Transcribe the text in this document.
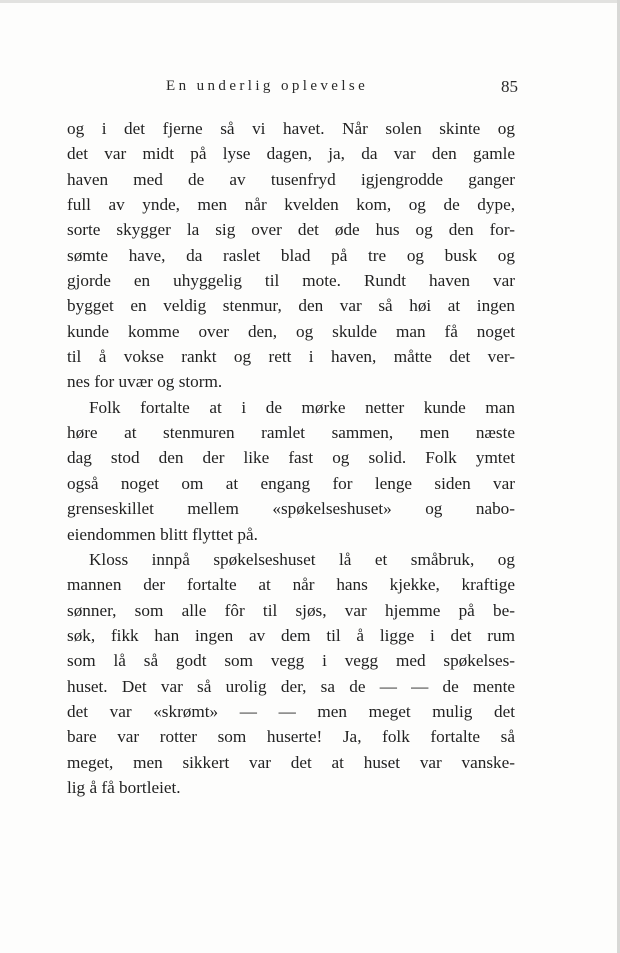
En underlig oplevelse	85
og i det fjerne så vi havet. Når solen skinte og
det var midt på lyse dagen, ja, da var den gamle
haven med de av tusenfryd igjengrodde ganger
full av ynde, men når kvelden kom, og de dype,
sorte skygger la sig over det øde hus og den for-
sømte have, da raslet blad på tre og busk og
gjorde en uhyggelig til mote. Rundt haven var
bygget en veldig stenmur, den var så høi at ingen
kunde komme over den, og skulde man få noget
til å vokse rankt og rett i haven, måtte det ver-
nes for uvær og storm.
Folk fortalte at i de mørke netter kunde man
høre at stenmuren ramlet sammen, men næste
dag stod den der like fast og solid. Folk ymtet
også noget om at engang for lenge siden var
grenseskillet mellem «spøkelseshuset» og nabo-
eiendommen blitt flyttet på.
Kloss innpå spøkelseshuset lå et småbruk, og
mannen der fortalte at når hans kjekke, kraftige
sønner, som alle fôr til sjøs, var hjemme på be-
søk, fikk han ingen av dem til å ligge i det rum
som lå så godt som vegg i vegg med spøkelses-
huset. Det var så urolig der, sa de — — de mente
det var «skrømt» — — men meget mulig det
bare var rotter som huserte! Ja, folk fortalte så
meget, men sikkert var det at huset var vanske-
lig å få bortleiet.
